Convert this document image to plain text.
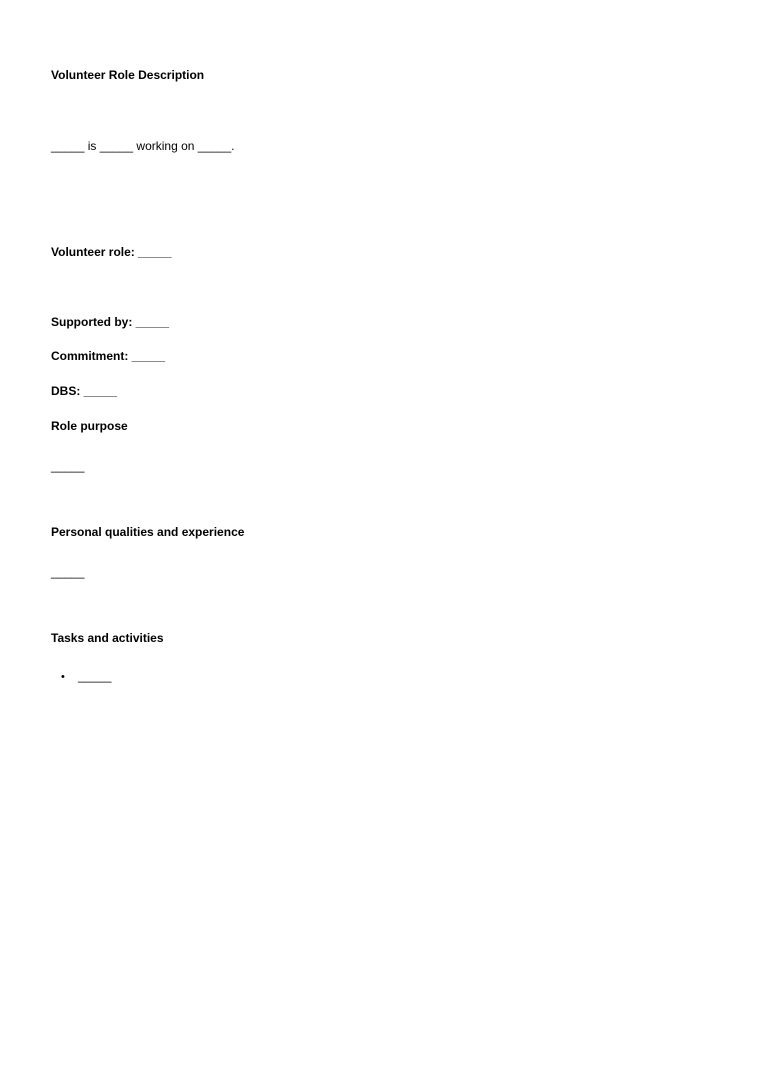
Volunteer Role Description
_____ is _____ working on _____.
Volunteer role: _____
Supported by: _____
Commitment: _____
DBS: _____
Role purpose
_____
Personal qualities and experience
_____
Tasks and activities
• _____
